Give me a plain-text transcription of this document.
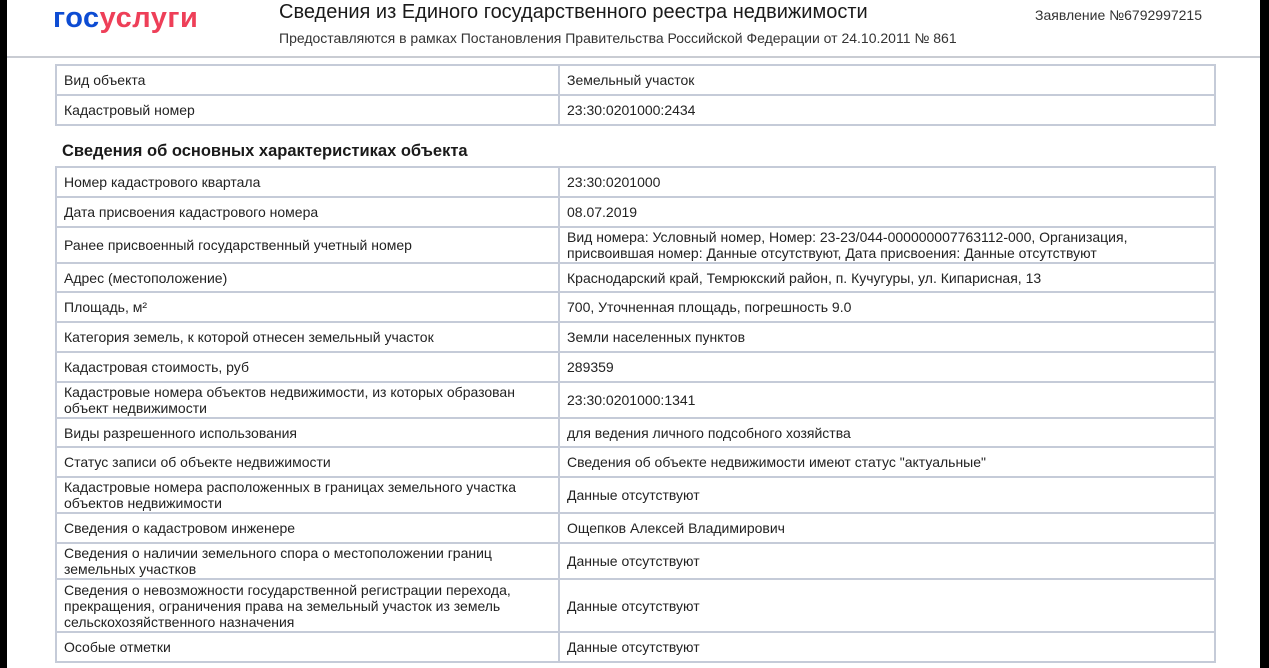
госуслуги	Сведения из Единого государственного реестра недвижимости
Предоставляются в рамках Постановления Правительства Российской Федерации от 24.10.2011 № 861
Заявление №6792997215
Вид объекта	Земельный участок
Кадастровый номер	23:30:0201000:2434
Сведения об основных характеристиках объекта
Номер кадастрового квартала	23:30:0201000
Дата присвоения кадастрового номера	08.07.2019
Ранее присвоенный государственный учетный номер	Вид номера: Условный номер, Номер: 23-23/044-000000007763112-000, Организация, присвоившая номер: Данные отсутствуют, Дата присвоения: Данные отсутствуют
Адрес (местоположение)	Краснодарский край, Темрюкский район, п. Кучугуры, ул. Кипарисная, 13
Площадь, м²	700, Уточненная площадь, погрешность 9.0
Категория земель, к которой отнесен земельный участок	Земли населенных пунктов
Кадастровая стоимость, руб	289359
Кадастровые номера объектов недвижимости, из которых образован объект недвижимости	23:30:0201000:1341
Виды разрешенного использования	для ведения личного подсобного хозяйства
Статус записи об объекте недвижимости	Сведения об объекте недвижимости имеют статус "актуальные"
Кадастровые номера расположенных в границах земельного участка объектов недвижимости	Данные отсутствуют
Сведения о кадастровом инженере	Ощепков Алексей Владимирович
Сведения о наличии земельного спора о местоположении границ земельных участков	Данные отсутствуют
Сведения о невозможности государственной регистрации перехода, прекращения, ограничения права на земельный участок из земель сельскохозяйственного назначения	Данные отсутствуют
Особые отметки	Данные отсутствуют
